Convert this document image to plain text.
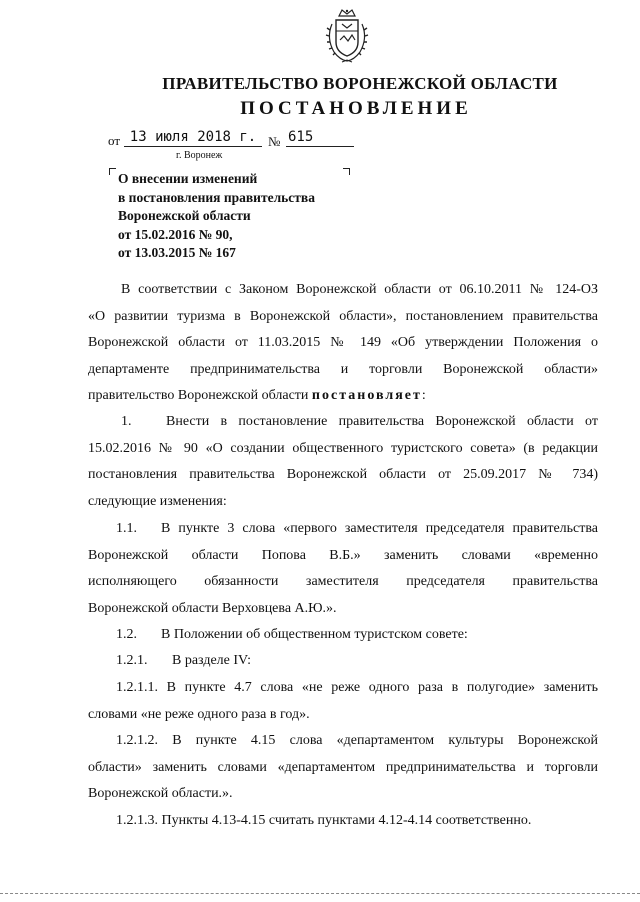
ПРАВИТЕЛЬСТВО ВОРОНЕЖСКОЙ ОБЛАСТИ
ПОСТАНОВЛЕНИЕ
от 13 июля 2018 г. № 615
г. Воронеж
О внесении изменений
в постановления правительства
Воронежской области
от 15.02.2016 № 90,
от 13.03.2015 № 167
В соответствии с Законом Воронежской области от 06.10.2011 № 124-ОЗ
«О развитии туризма в Воронежской области», постановлением правительства
Воронежской области от 11.03.2015 № 149 «Об утверждении Положения о
департаменте предпринимательства и торговли Воронежской области»
правительство Воронежской области постановляет:
1. Внести в постановление правительства Воронежской области от
15.02.2016 № 90 «О создании общественного туристского совета» (в редакции
постановления правительства Воронежской области от 25.09.2017 № 734)
следующие изменения:
1.1. В пункте 3 слова «первого заместителя председателя правительства
Воронежской области Попова В.Б.» заменить словами «временно
исполняющего обязанности заместителя председателя правительства
Воронежской области Верховцева А.Ю.».
1.2. В Положении об общественном туристском совете:
1.2.1. В разделе IV:
1.2.1.1. В пункте 4.7 слова «не реже одного раза в полугодие» заменить
словами «не реже одного раза в год».
1.2.1.2. В пункте 4.15 слова «департаментом культуры Воронежской
области» заменить словами «департаментом предпринимательства и торговли
Воронежской области.».
1.2.1.3. Пункты 4.13-4.15 считать пунктами 4.12-4.14 соответственно.
